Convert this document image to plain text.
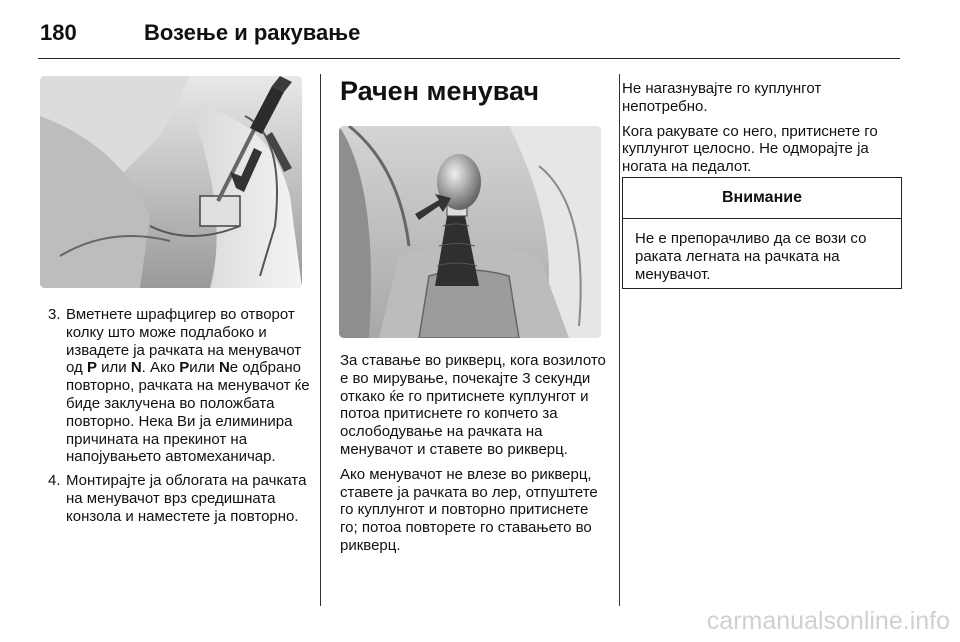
180	Возење и ракување
3. Вметнете шрафцигер во отворот колку што може подлабоко и извадете ја рачката на менувачот од P или N. Ако Pили Nе одбрано повторно, рачката на менувачот ќе биде заклучена во положбата повторно. Нека Ви ја елиминира причината на прекинот на напојувањето автомеханичар.
4. Монтирајте ја облогата на рачката на менувачот врз средишната конзола и наместете ја повторно.
Рачен менувач

За ставање во рикверц, кога возилото е во мирување, почекајте 3 секунди откако ќе го притиснете куплунгот и потоа притиснете го копчето за ослободување на рачката на менувачот и ставете во рикверц.

Ако менувачот не влезе во рикверц, ставете ја рачката во лер, отпуштете го куплунгот и повторно притиснете го; потоа повторете го ставањето во рикверц.

Не нагазнувајте го куплунгот непотребно.

Кога ракувате со него, притиснете го куплунгот целосно. Не одмораjте ја ногата на педалот.

Внимание
Не е препорачливо да се вози со раката легната на рачката на менувачот.
carmanualsonline.info
